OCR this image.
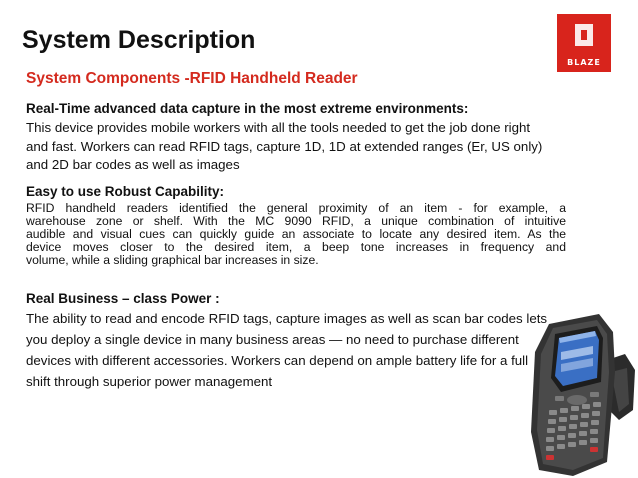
System Description
System Components -RFID Handheld Reader
BLAZE
Real-Time advanced data capture in the most extreme environments:
This device provides mobile workers with all the tools needed to get the job done right
and fast. Workers can read RFID tags, capture 1D, 1D at extended ranges (Er, US only)
and 2D bar codes as well as images
Easy to use Robust Capability:
RFID handheld readers identified the general proximity of an item - for example, a
warehouse zone or shelf. With the MC 9090 RFID, a unique combination of intuitive
audible and visual cues can quickly guide an associate to locate any desired item. As the
device moves closer to the desired item, a beep tone increases in frequency and
volume, while a sliding graphical bar increases in size.
Real Business – class Power :
The ability to read and encode RFID tags, capture images as well as scan bar codes lets
you deploy a single device in many business areas — no need to purchase different
devices with different accessories. Workers can depend on ample battery life for a full
shift through superior power management
